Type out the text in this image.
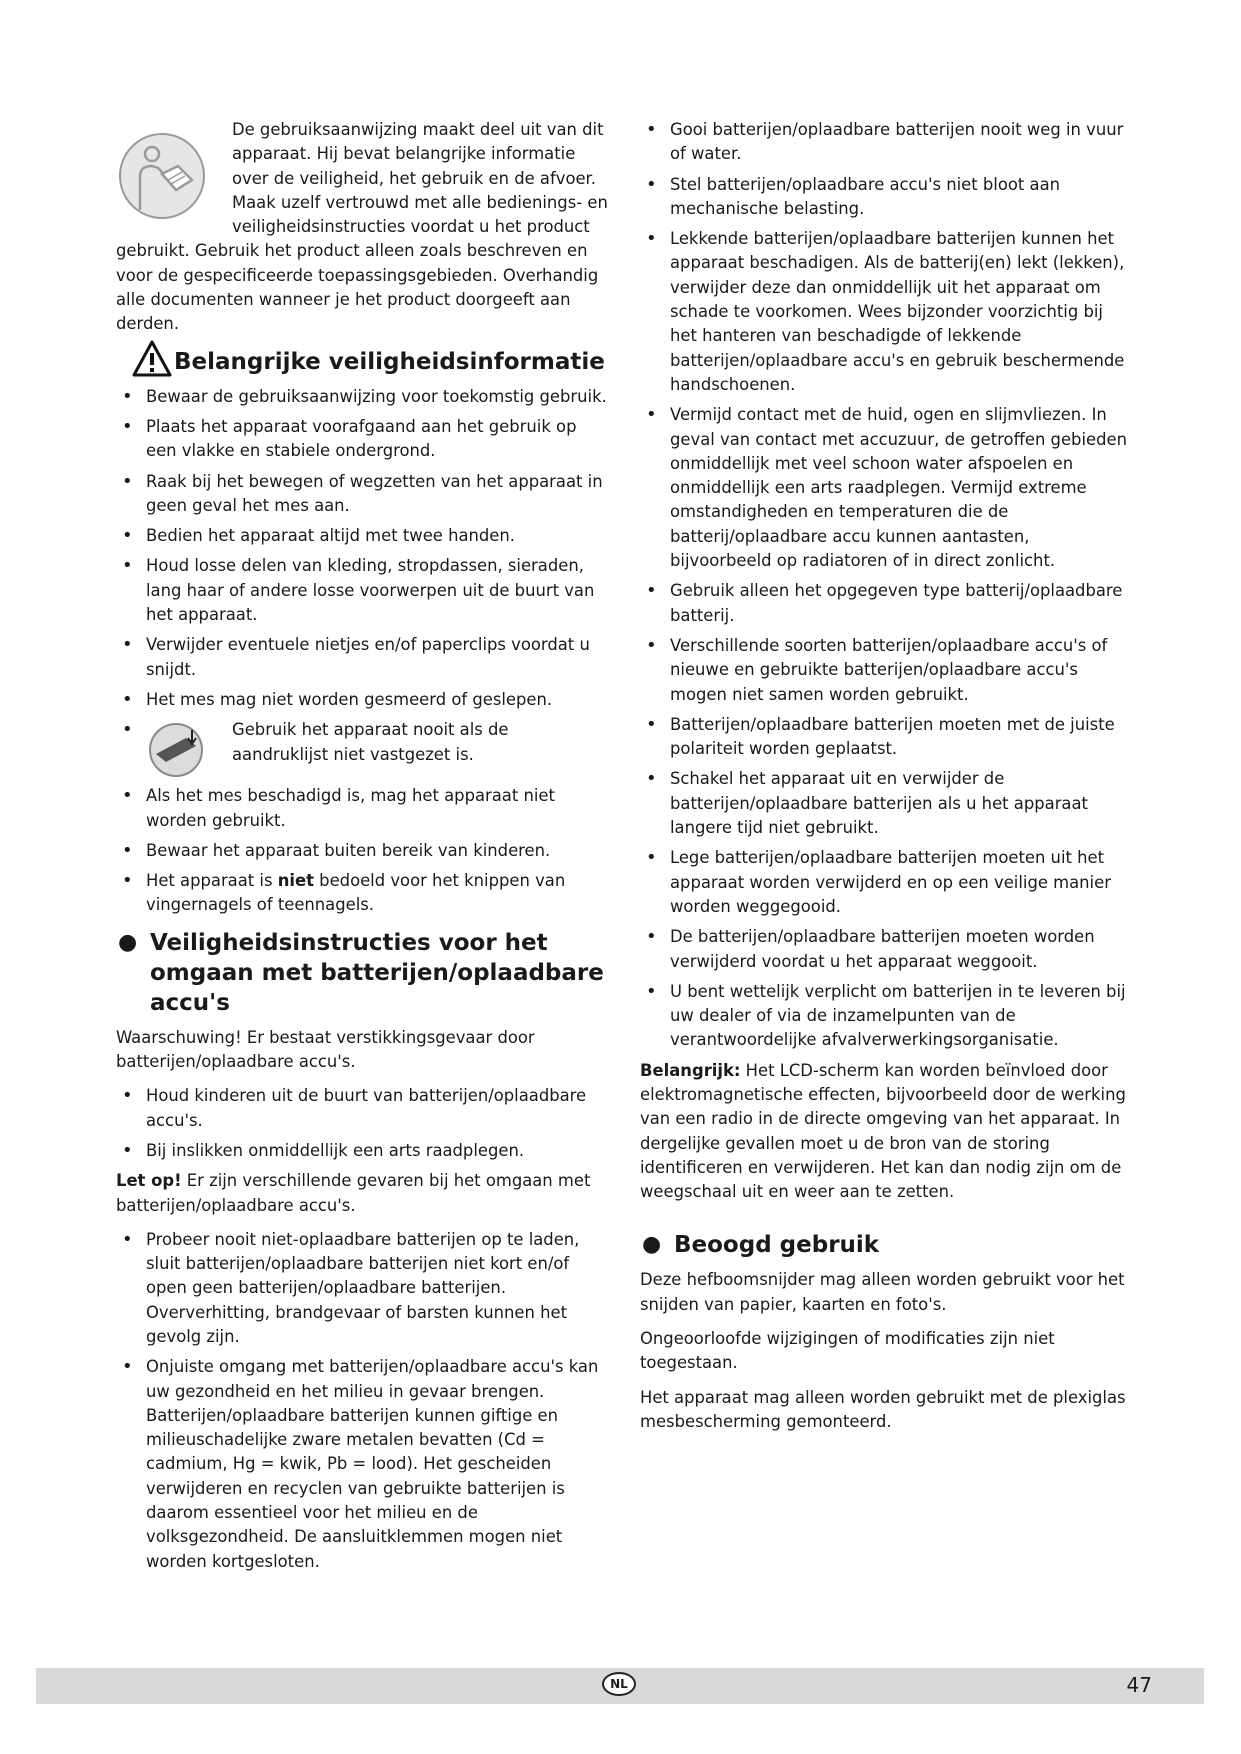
De gebruiksaanwijzing maakt deel uit van dit apparaat. Hij bevat belangrijke informatie over de veiligheid, het gebruik en de afvoer. Maak uzelf vertrouwd met alle bedienings- en veiligheidsinstructies voordat u het product gebruikt. Gebruik het product alleen zoals beschreven en voor de gespecificeerde toepassingsgebieden. Overhandig alle documenten wanneer je het product doorgeeft aan derden.

Belangrijke veiligheidsinformatie
• Bewaar de gebruiksaanwijzing voor toekomstig gebruik.
• Plaats het apparaat voorafgaand aan het gebruik op een vlakke en stabiele ondergrond.
• Raak bij het bewegen of wegzetten van het apparaat in geen geval het mes aan.
• Bedien het apparaat altijd met twee handen.
• Houd losse delen van kleding, stropdassen, sieraden, lang haar of andere losse voorwerpen uit de buurt van het apparaat.
• Verwijder eventuele nietjes en/of paperclips voordat u snijdt.
• Het mes mag niet worden gesmeerd of geslepen.
• Gebruik het apparaat nooit als de aandruklijst niet vastgezet is.
• Als het mes beschadigd is, mag het apparaat niet worden gebruikt.
• Bewaar het apparaat buiten bereik van kinderen.
• Het apparaat is niet bedoeld voor het knippen van vingernagels of teennagels.
● Veiligheidsinstructies voor het omgaan met batterijen/oplaadbare accu's

Waarschuwing! Er bestaat verstikkingsgevaar door batterijen/oplaadbare accu's.

• Houd kinderen uit de buurt van batterijen/oplaadbare accu's.
• Bij inslikken onmiddellijk een arts raadplegen.

Let op! Er zijn verschillende gevaren bij het omgaan met batterijen/oplaadbare accu's.

• Probeer nooit niet-oplaadbare batterijen op te laden, sluit batterijen/oplaadbare batterijen niet kort en/of open geen batterijen/oplaadbare batterijen. Oververhitting, brandgevaar of barsten kunnen het gevolg zijn.
• Onjuiste omgang met batterijen/oplaadbare accu's kan uw gezondheid en het milieu in gevaar brengen. Batterijen/oplaadbare batterijen kunnen giftige en milieuschadelijke zware metalen bevatten (Cd = cadmium, Hg = kwik, Pb = lood). Het gescheiden verwijderen en recyclen van gebruikte batterijen is daarom essentieel voor het milieu en de volksgezondheid. De aansluitklemmen mogen niet worden kortgesloten.
• Gooi batterijen/oplaadbare batterijen nooit weg in vuur of water.
• Stel batterijen/oplaadbare accu's niet bloot aan mechanische belasting.
• Lekkende batterijen/oplaadbare batterijen kunnen het apparaat beschadigen. Als de batterij(en) lekt (lekken), verwijder deze dan onmiddellijk uit het apparaat om schade te voorkomen. Wees bijzonder voorzichtig bij het hanteren van beschadigde of lekkende batterijen/oplaadbare accu's en gebruik beschermende handschoenen.
• Vermijd contact met de huid, ogen en slijmvliezen. In geval van contact met accuzuur, de getroffen gebieden onmiddellijk met veel schoon water afspoelen en onmiddellijk een arts raadplegen. Vermijd extreme omstandigheden en temperaturen die de batterij/oplaadbare accu kunnen aantasten, bijvoorbeeld op radiatoren of in direct zonlicht.
• Gebruik alleen het opgegeven type batterij/oplaadbare batterij.
• Verschillende soorten batterijen/oplaadbare accu's of nieuwe en gebruikte batterijen/oplaadbare accu's mogen niet samen worden gebruikt.
• Batterijen/oplaadbare batterijen moeten met de juiste polariteit worden geplaatst.
• Schakel het apparaat uit en verwijder de batterijen/oplaadbare batterijen als u het apparaat langere tijd niet gebruikt.
• Lege batterijen/oplaadbare batterijen moeten uit het apparaat worden verwijderd en op een veilige manier worden weggegooid.
• De batterijen/oplaadbare batterijen moeten worden verwijderd voordat u het apparaat weggooit.
• U bent wettelijk verplicht om batterijen in te leveren bij uw dealer of via de inzamelpunten van de verantwoordelijke afvalverwerkingsorganisatie.

Belangrijk: Het LCD-scherm kan worden beïnvloed door elektromagnetische effecten, bijvoorbeeld door de werking van een radio in de directe omgeving van het apparaat. In dergelijke gevallen moet u de bron van de storing identificeren en verwijderen. Het kan dan nodig zijn om de weegschaal uit en weer aan te zetten.

● Beoogd gebruik

Deze hefboomsnijder mag alleen worden gebruikt voor het snijden van papier, kaarten en foto's.

Ongeoorloofde wijzigingen of modificaties zijn niet toegestaan.

Het apparaat mag alleen worden gebruikt met de plexiglas mesbescherming gemonteerd.

NL	47
